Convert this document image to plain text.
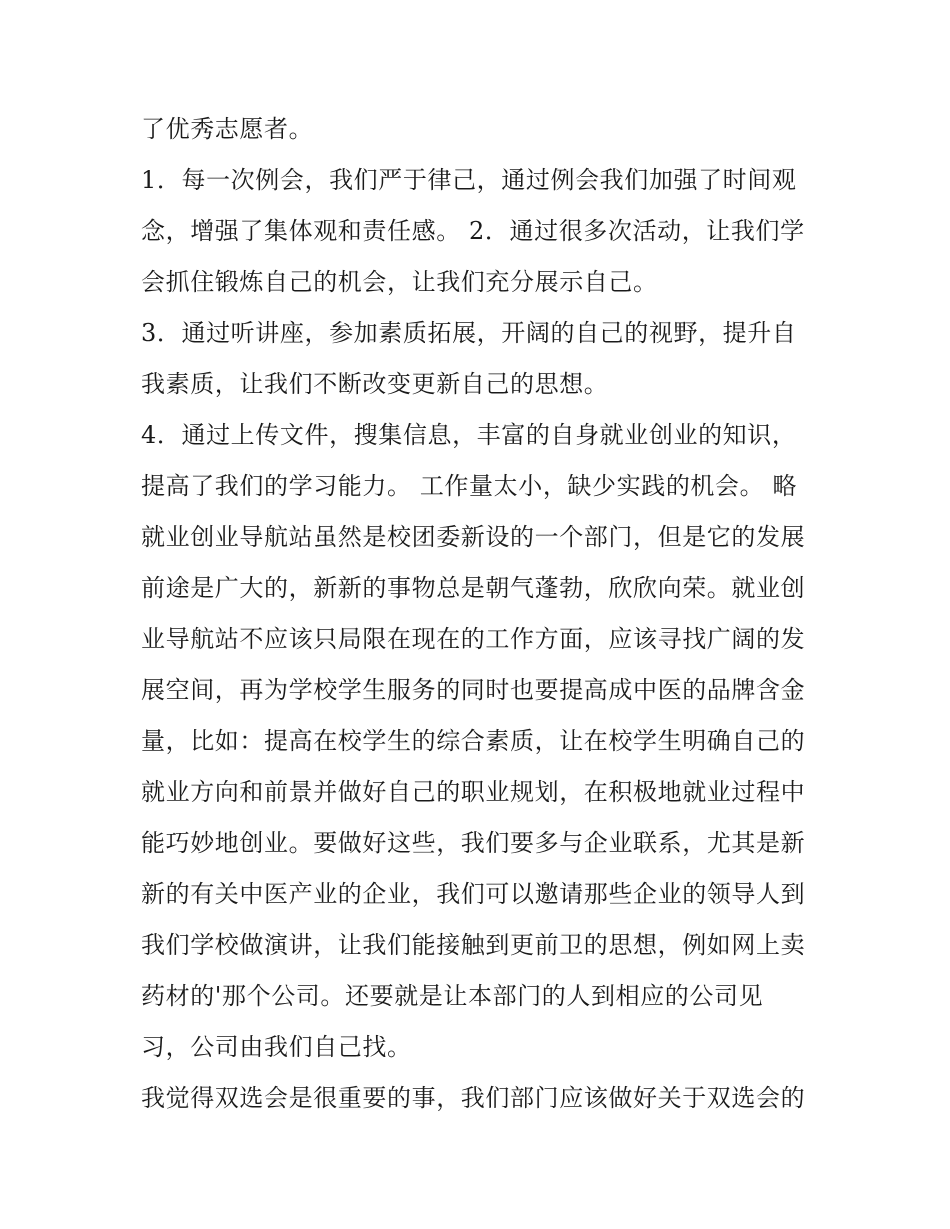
了优秀志愿者。
1．每一次例会，我们严于律己，通过例会我们加强了时间观
念，增强了集体观和责任感。 2．通过很多次活动，让我们学
会抓住锻炼自己的机会，让我们充分展示自己。
3．通过听讲座，参加素质拓展，开阔的自己的视野，提升自
我素质，让我们不断改变更新自己的思想。
4．通过上传文件，搜集信息，丰富的自身就业创业的知识，
提高了我们的学习能力。 工作量太小，缺少实践的机会。 略
就业创业导航站虽然是校团委新设的一个部门，但是它的发展
前途是广大的，新新的事物总是朝气蓬勃，欣欣向荣。就业创
业导航站不应该只局限在现在的工作方面，应该寻找广阔的发
展空间，再为学校学生服务的同时也要提高成中医的品牌含金
量，比如：提高在校学生的综合素质，让在校学生明确自己的
就业方向和前景并做好自己的职业规划，在积极地就业过程中
能巧妙地创业。要做好这些，我们要多与企业联系，尤其是新
新的有关中医产业的企业，我们可以邀请那些企业的领导人到
我们学校做演讲，让我们能接触到更前卫的思想，例如网上卖
药材的'那个公司。还要就是让本部门的人到相应的公司见
习，公司由我们自己找。
我觉得双选会是很重要的事，我们部门应该做好关于双选会的
